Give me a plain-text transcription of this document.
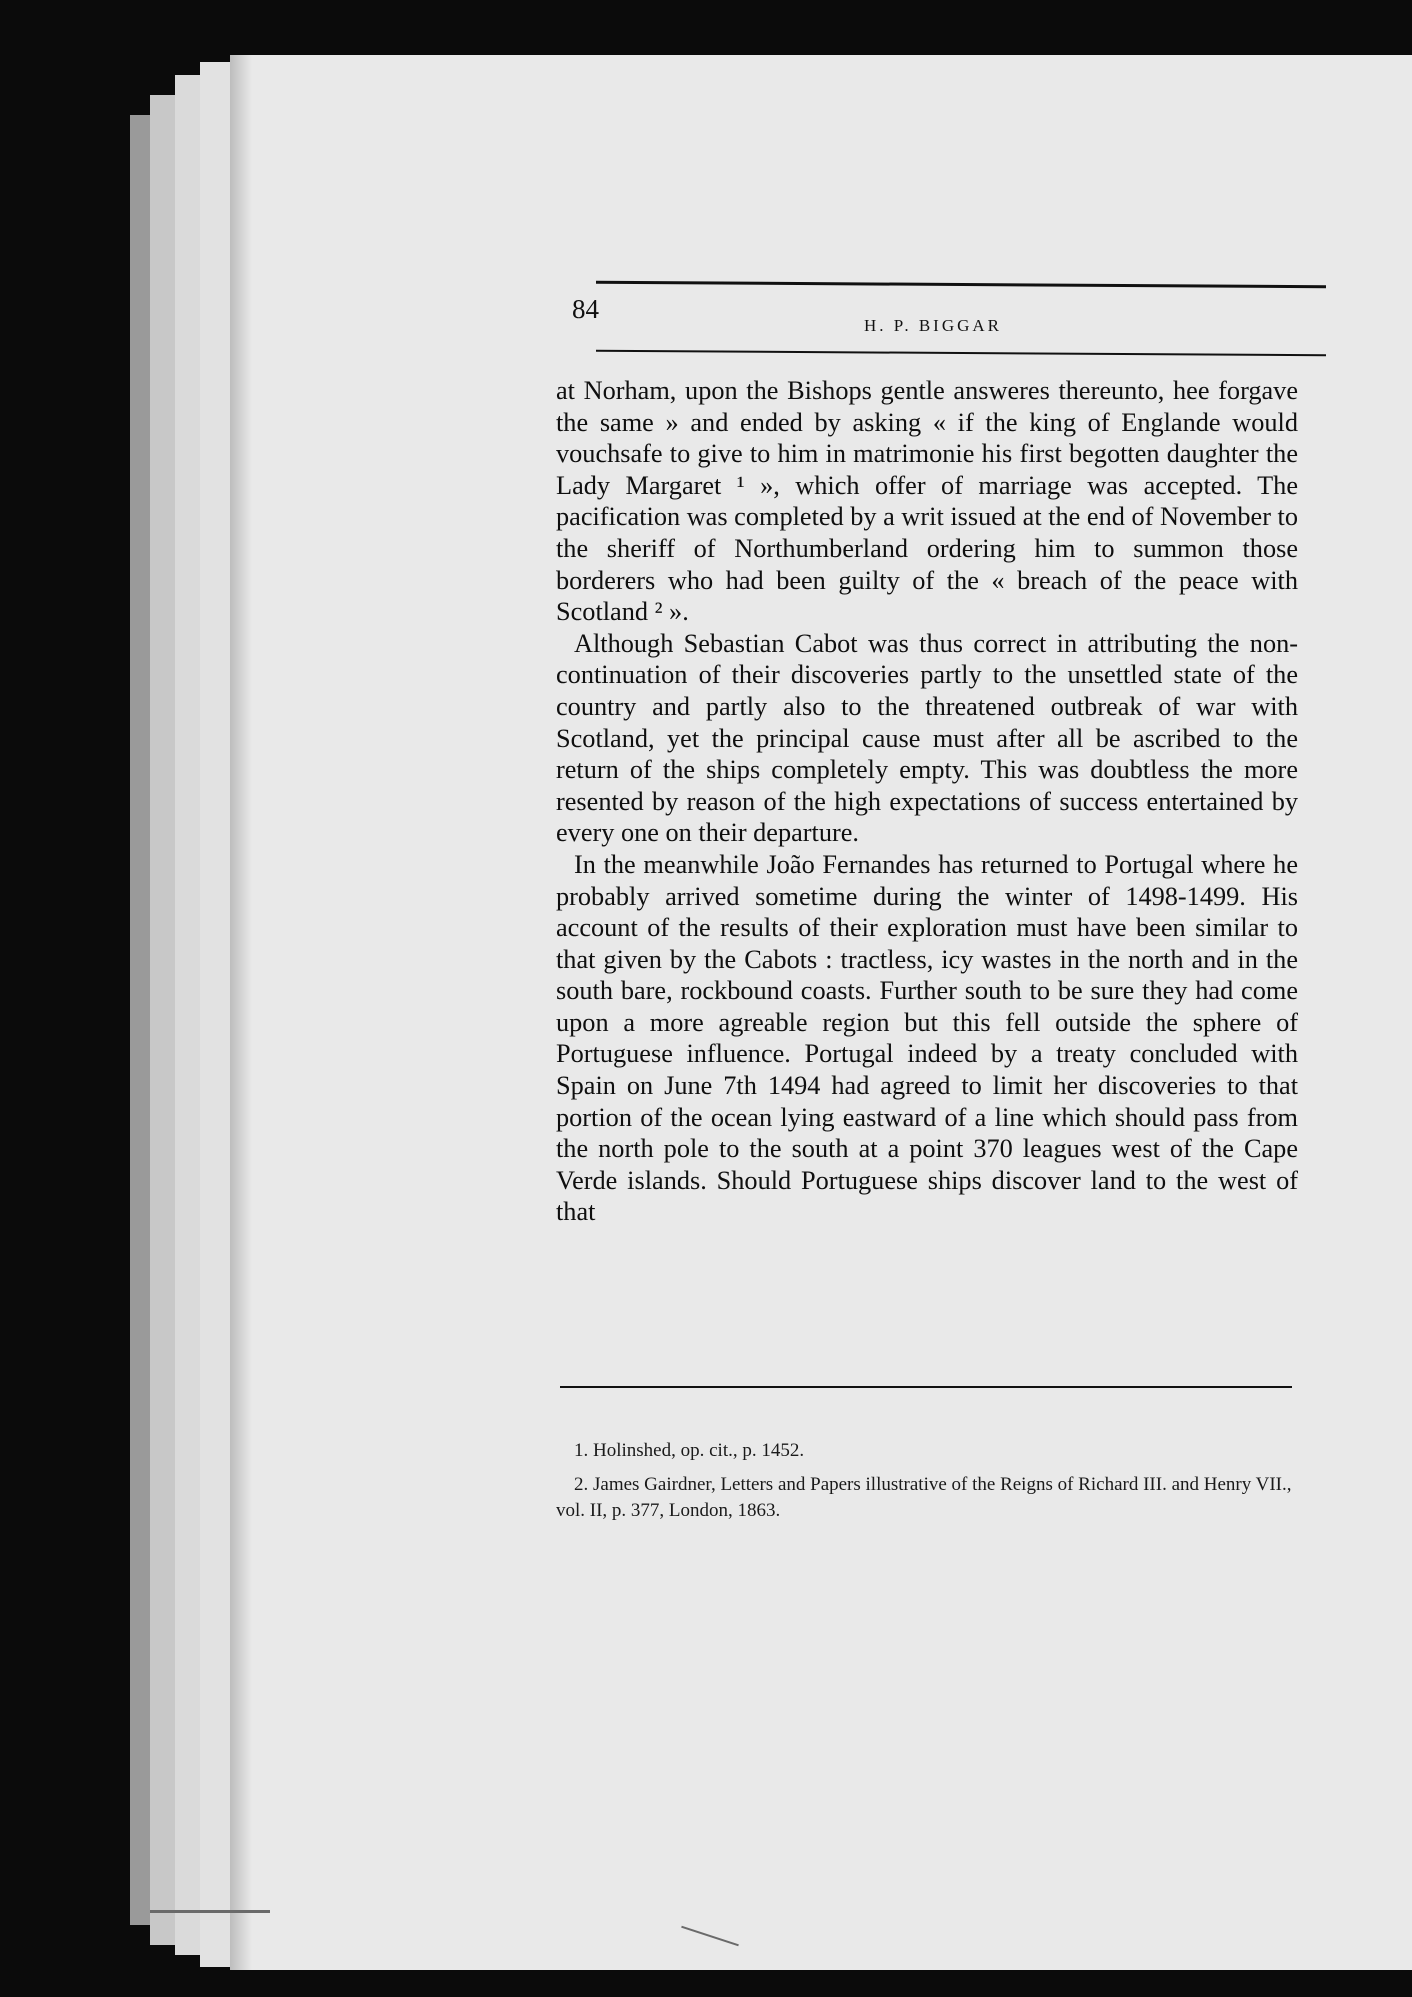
84
H. P. BIGGAR

at Norham, upon the Bishops gentle answeres thereunto, hee forgave the same » and ended by asking « if the king of Englande would vouchsafe to give to him in matrimonie his first begotten daughter the Lady Margaret ¹ », which offer of marriage was accepted. The pacification was completed by a writ issued at the end of November to the sheriff of Northumberland ordering him to summon those borderers who had been guilty of the « breach of the peace with Scotland ² ».

Although Sebastian Cabot was thus correct in attributing the non-continuation of their discoveries partly to the unsettled state of the country and partly also to the threatened outbreak of war with Scotland, yet the principal cause must after all be ascribed to the return of the ships completely empty. This was doubtless the more resented by reason of the high expectations of success entertained by every one on their departure.

In the meanwhile João Fernandes has returned to Portugal where he probably arrived sometime during the winter of 1498-1499. His account of the results of their exploration must have been similar to that given by the Cabots : tractless, icy wastes in the north and in the south bare, rockbound coasts. Further south to be sure they had come upon a more agreable region but this fell outside the sphere of Portuguese influence. Portugal indeed by a treaty concluded with Spain on June 7th 1494 had agreed to limit her discoveries to that portion of the ocean lying eastward of a line which should pass from the north pole to the south at a point 370 leagues west of the Cape Verde islands. Should Portuguese ships discover land to the west of that

1. Holinshed, op. cit., p. 1452.

2. James Gairdner, Letters and Papers illustrative of the Reigns of Richard III. and Henry VII., vol. II, p. 377, London, 1863.
